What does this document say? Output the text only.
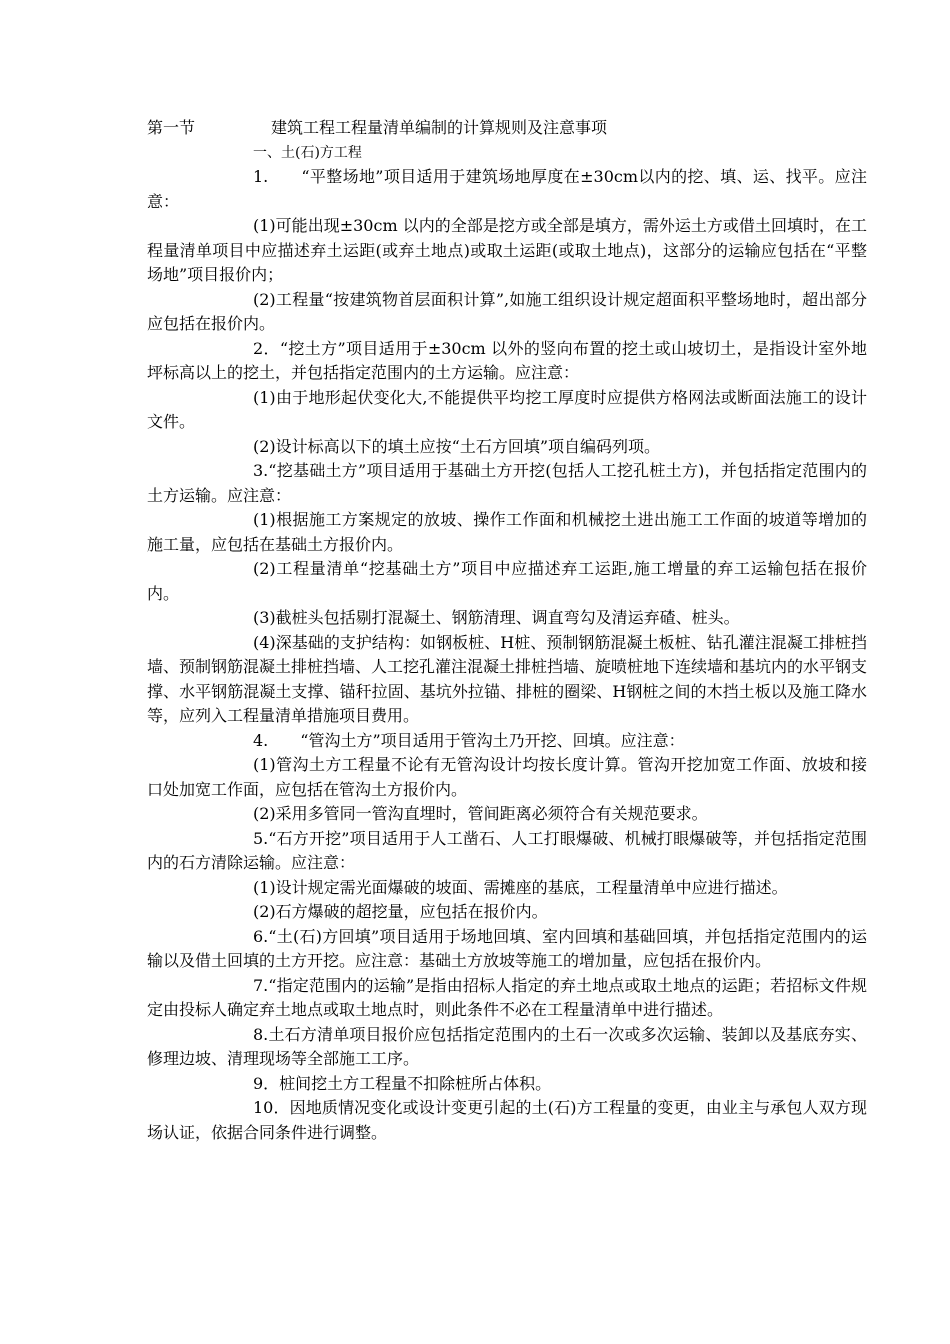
第一节	建筑工程工程量清单编制的计算规则及注意事项
一、土(石)方工程

1.　　“平整场地”项目适用于建筑场地厚度在±30cm以内的挖、填、运、找平。应注意：

(1)可能出现±30cm 以内的全部是挖方或全部是填方，需外运土方或借土回填时，在工程量清单项目中应描述弃土运距(或弃土地点)或取土运距(或取土地点)，这部分的运输应包括在“平整场地”项目报价内；

(2)工程量“按建筑物首层面积计算”,如施工组织设计规定超面积平整场地时，超出部分应包括在报价内。

2．“挖土方”项目适用于±30cm 以外的竖向布置的挖土或山坡切土，是指设计室外地坪标高以上的挖土，并包括指定范围内的土方运输。应注意：

(1)由于地形起伏变化大,不能提供平均挖工厚度时应提供方格网法或断面法施工的设计文件。

(2)设计标高以下的填土应按“土石方回填”项自编码列项。

3.“挖基础土方”项目适用于基础土方开挖(包括人工挖孔桩土方)，并包括指定范围内的土方运输。应注意：

(1)根据施工方案规定的放坡、操作工作面和机械挖土进出施工工作面的坡道等增加的施工量，应包括在基础土方报价内。

(2)工程量清单“挖基础土方”项目中应描述弃工运距,施工增量的弃工运输包括在报价内。

(3)截桩头包括剔打混凝土、钢筋清理、调直弯勾及清运弃碴、桩头。

(4)深基础的支护结构：如钢板桩、H桩、预制钢筋混凝土板桩、钻孔灌注混凝工排桩挡墙、预制钢筋混凝土排桩挡墙、人工挖孔灌注混凝土排桩挡墙、旋喷桩地下连续墙和基坑内的水平钢支撑、水平钢筋混凝土支撑、锚秆拉固、基坑外拉锚、排桩的圈梁、H钢桩之间的木挡土板以及施工降水等，应列入工程量清单措施项目费用。

4.　　“管沟土方”项目适用于管沟土乃开挖、回填。应注意：

(1)管沟土方工程量不论有无管沟设计均按长度计算。管沟开挖加宽工作面、放坡和接口处加宽工作面，应包括在管沟土方报价内。

(2)采用多管同一管沟直埋时，管间距离必须符合有关规范要求。

5.“石方开挖”项目适用于人工凿石、人工打眼爆破、机械打眼爆破等，并包括指定范围内的石方清除运输。应注意：

(1)设计规定需光面爆破的坡面、需摊座的基底，工程量清单中应进行描述。

(2)石方爆破的超挖量，应包括在报价内。

6.“土(石)方回填”项目适用于场地回填、室内回填和基础回填，并包括指定范围内的运输以及借土回填的土方开挖。应注意：基础土方放坡等施工的增加量，应包括在报价内。

7.“指定范围内的运输”是指由招标人指定的弃土地点或取土地点的运距；若招标文件规定由投标人确定弃土地点或取土地点时，则此条件不必在工程量清单中进行描述。

8.土石方清单项目报价应包括指定范围内的土石一次或多次运输、装卸以及基底夯实、修理边坡、清理现场等全部施工工序。

9．桩间挖土方工程量不扣除桩所占体积。

10．因地质情况变化或设计变更引起的土(石)方工程量的变更，由业主与承包人双方现场认证，依据合同条件进行调整。
